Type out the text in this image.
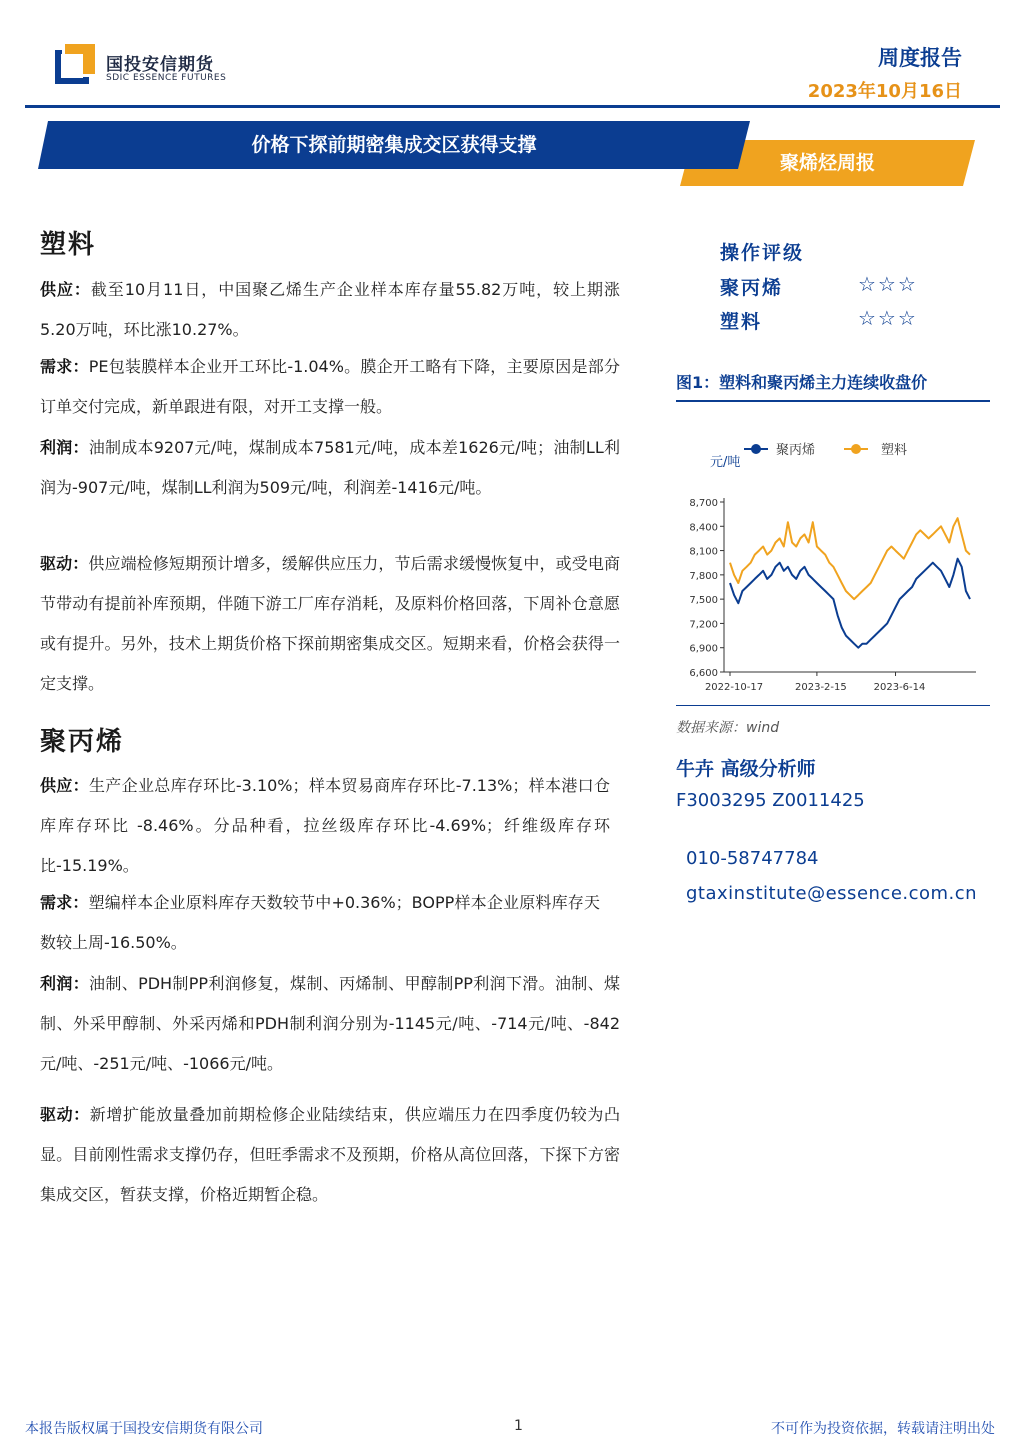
国投安信期货
SDIC ESSENCE FUTURES
周度报告
2023年10月16日
价格下探前期密集成交区获得支撑
聚烯烃周报
塑料
供应：截至10月11日，中国聚乙烯生产企业样本库存量55.82万吨，较上期涨5.20万吨，环比涨10.27%。
需求：PE包装膜样本企业开工环比-1.04%。膜企开工略有下降，主要原因是部分订单交付完成，新单跟进有限，对开工支撑一般。
利润：油制成本9207元/吨，煤制成本7581元/吨，成本差1626元/吨；油制LL利润为-907元/吨，煤制LL利润为509元/吨，利润差-1416元/吨。
驱动：供应端检修短期预计增多，缓解供应压力，节后需求缓慢恢复中，或受电商节带动有提前补库预期，伴随下游工厂库存消耗，及原料价格回落，下周补仓意愿或有提升。另外，技术上期货价格下探前期密集成交区。短期来看，价格会获得一定支撑。
聚丙烯
供应：生产企业总库存环比-3.10%；样本贸易商库存环比-7.13%；样本港口仓库库存环比 -8.46%。分品种看，拉丝级库存环比-4.69%；纤维级库存环比-15.19%。
需求：塑编样本企业原料库存天数较节中+0.36%；BOPP样本企业原料库存天数较上周-16.50%。
利润：油制、PDH制PP利润修复，煤制、丙烯制、甲醇制PP利润下滑。油制、煤制、外采甲醇制、外采丙烯和PDH制利润分别为-1145元/吨、-714元/吨、-842元/吨、-251元/吨、-1066元/吨。
驱动：新增扩能放量叠加前期检修企业陆续结束，供应端压力在四季度仍较为凸显。目前刚性需求支撑仍存，但旺季需求不及预期，价格从高位回落，下探下方密集成交区，暂获支撑，价格近期暂企稳。
操作评级
聚丙烯	☆☆☆
塑料	☆☆☆
图1：塑料和聚丙烯主力连续收盘价
聚丙烯	塑料
元/吨
6,600
6,900
7,200
7,500
7,800
8,100
8,400
8,700
2022-10-17	2023-2-15	2023-6-14
数据来源：wind
牛卉 高级分析师
F3003295 Z0011425
010-58747784
gtaxinstitute@essence.com.cn
本报告版权属于国投安信期货有限公司	1	不可作为投资依据，转载请注明出处
